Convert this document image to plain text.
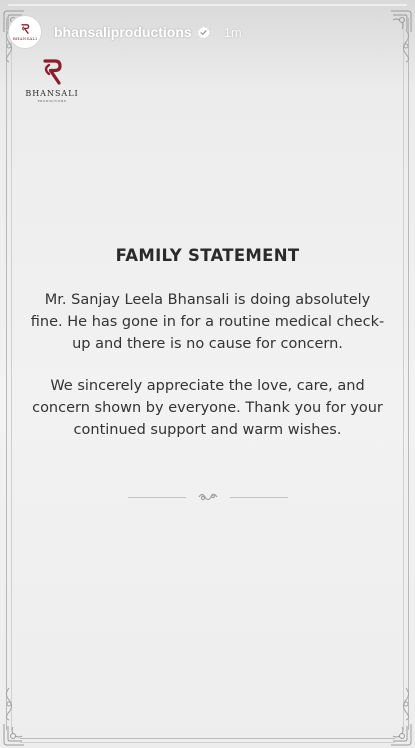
BHANSALI bhansaliproductions 1m
BHANSALI
PRODUCTIONS
FAMILY STATEMENT

Mr. Sanjay Leela Bhansali is doing absolutely fine. He has gone in for a routine medical check-up and there is no cause for concern.

We sincerely appreciate the love, care, and concern shown by everyone. Thank you for your continued support and warm wishes.
